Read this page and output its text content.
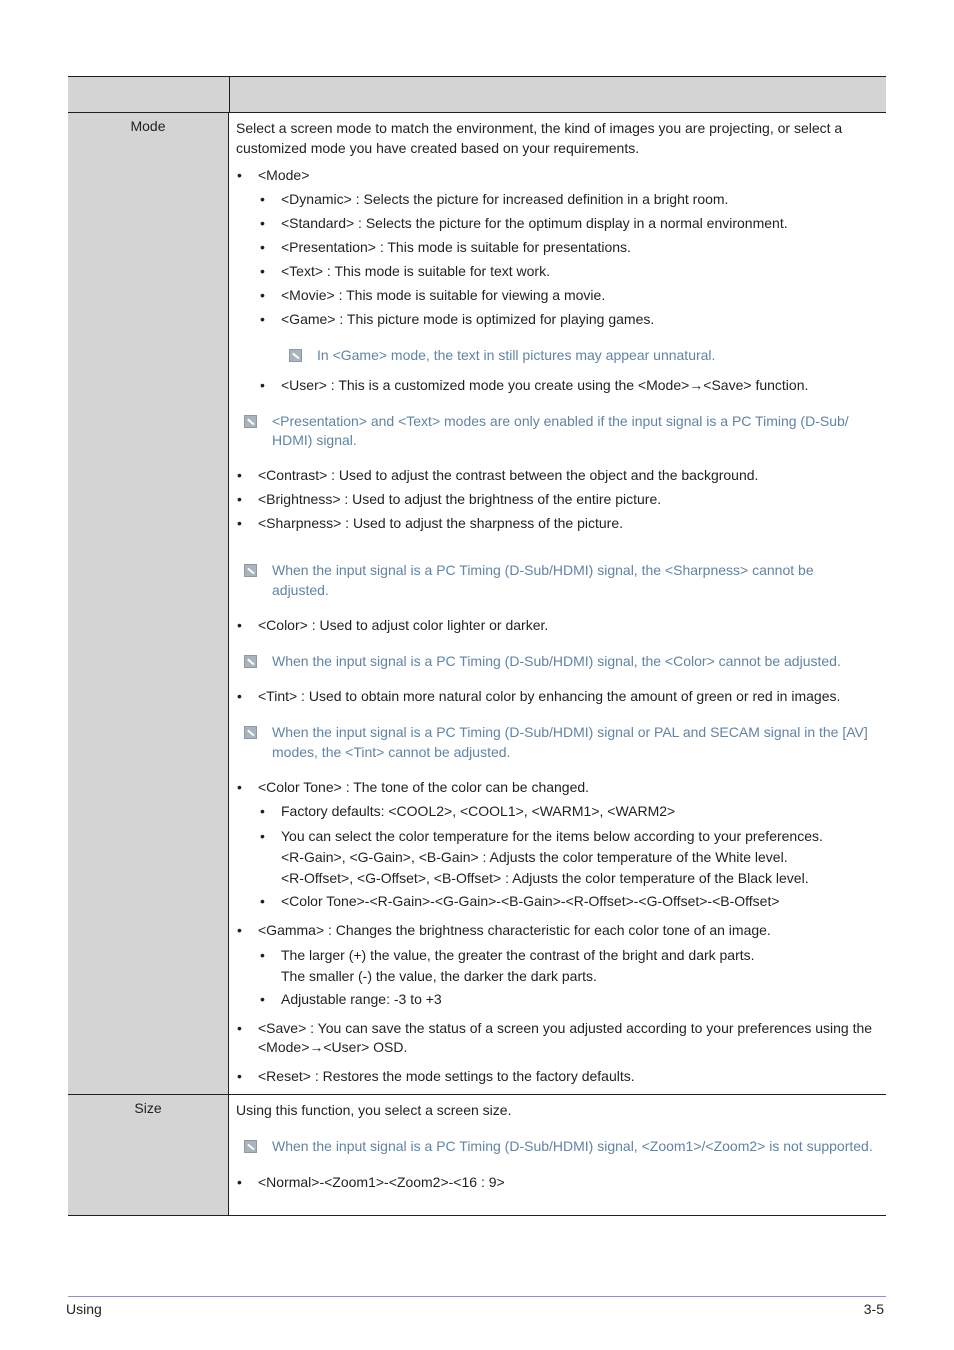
Mode	Select a screen mode to match the environment, the kind of images you are projecting, or select a customized mode you have created based on your requirements.

• <Mode>

• <Dynamic> : Selects the picture for increased definition in a bright room.

• <Standard> : Selects the picture for the optimum display in a normal environment.

• <Presentation> : This mode is suitable for presentations.

• <Text> : This mode is suitable for text work.

• <Movie> : This mode is suitable for viewing a movie.

• <Game> : This picture mode is optimized for playing games.

In <Game> mode, the text in still pictures may appear unnatural.

• <User> : This is a customized mode you create using the <Mode>→<Save> function.

<Presentation> and <Text> modes are only enabled if the input signal is a PC Timing (D-Sub/ HDMI) signal.

• <Contrast> : Used to adjust the contrast between the object and the background.

• <Brightness> : Used to adjust the brightness of the entire picture.

• <Sharpness> : Used to adjust the sharpness of the picture.

When the input signal is a PC Timing (D-Sub/HDMI) signal, the <Sharpness> cannot be adjusted.

• <Color> : Used to adjust color lighter or darker.

When the input signal is a PC Timing (D-Sub/HDMI) signal, the <Color> cannot be adjusted.

• <Tint> : Used to obtain more natural color by enhancing the amount of green or red in images.

When the input signal is a PC Timing (D-Sub/HDMI) signal or PAL and SECAM signal in the [AV] modes, the <Tint> cannot be adjusted.

• <Color Tone> : The tone of the color can be changed.

• Factory defaults: <COOL2>, <COOL1>, <WARM1>, <WARM2>

• You can select the color temperature for the items below according to your preferences.
<R-Gain>, <G-Gain>, <B-Gain> : Adjusts the color temperature of the White level.
<R-Offset>, <G-Offset>, <B-Offset> : Adjusts the color temperature of the Black level.

• <Color Tone>-<R-Gain>-<G-Gain>-<B-Gain>-<R-Offset>-<G-Offset>-<B-Offset>

• <Gamma> : Changes the brightness characteristic for each color tone of an image.

• The larger (+) the value, the greater the contrast of the bright and dark parts.
The smaller (-) the value, the darker the dark parts.

• Adjustable range: -3 to +3

• <Save> : You can save the status of a screen you adjusted according to your preferences using the <Mode>→<User> OSD.

• <Reset> : Restores the mode settings to the factory defaults.

Size	Using this function, you select a screen size.

When the input signal is a PC Timing (D-Sub/HDMI) signal, <Zoom1>/<Zoom2> is not supported.

• <Normal>-<Zoom1>-<Zoom2>-<16 : 9>

Using	3-5
